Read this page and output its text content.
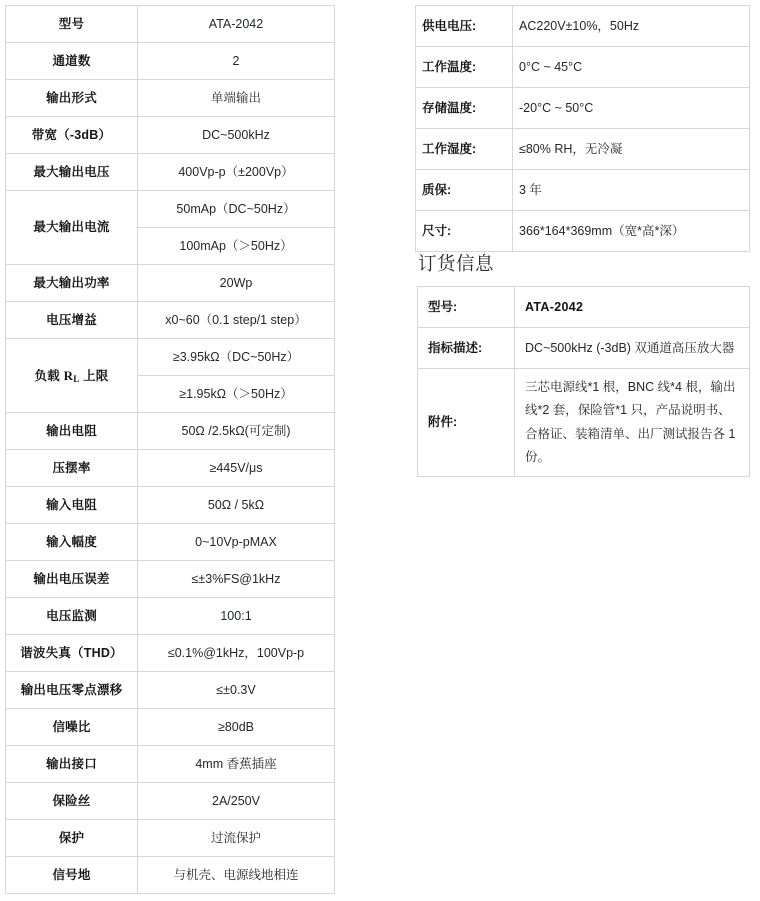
型号	ATA-2042
通道数	2
输出形式	单端输出
带宽（-3dB）	DC~500kHz
最大输出电压	400Vp-p（±200Vp）
最大输出电流	50mAp（DC~50Hz）
	100mAp（＞50Hz）
最大输出功率	20Wp
电压增益	x0~60（0.1 step/1 step）
负载 RL 上限	≥3.95kΩ（DC~50Hz）
	≥1.95kΩ（＞50Hz）
输出电阻	50Ω /2.5kΩ(可定制)
压摆率	≥445V/μs
输入电阻	50Ω / 5kΩ
输入幅度	0~10Vp-pMAX
输出电压误差	≤±3%FS@1kHz
电压监测	100:1
谐波失真（THD）	≤0.1%@1kHz，100Vp-p
输出电压零点漂移	≤±0.3V
信噪比	≥80dB
输出接口	4mm 香蕉插座
保险丝	2A/250V
保护	过流保护
信号地	与机壳、电源线地相连
供电电压:	AC220V±10%，50Hz
工作温度:	0°C ~ 45°C
存储温度:	-20°C ~ 50°C
工作湿度:	≤80% RH，无冷凝
质保:	3 年
尺寸:	366*164*369mm（宽*高*深）
订货信息
型号:	ATA-2042
指标描述:	DC~500kHz (-3dB) 双通道高压放大器
附件:	三芯电源线*1 根，BNC 线*4 根，输出线*2 套，保险管*1 只，产品说明书、合格证、装箱清单、出厂测试报告各 1 份。
